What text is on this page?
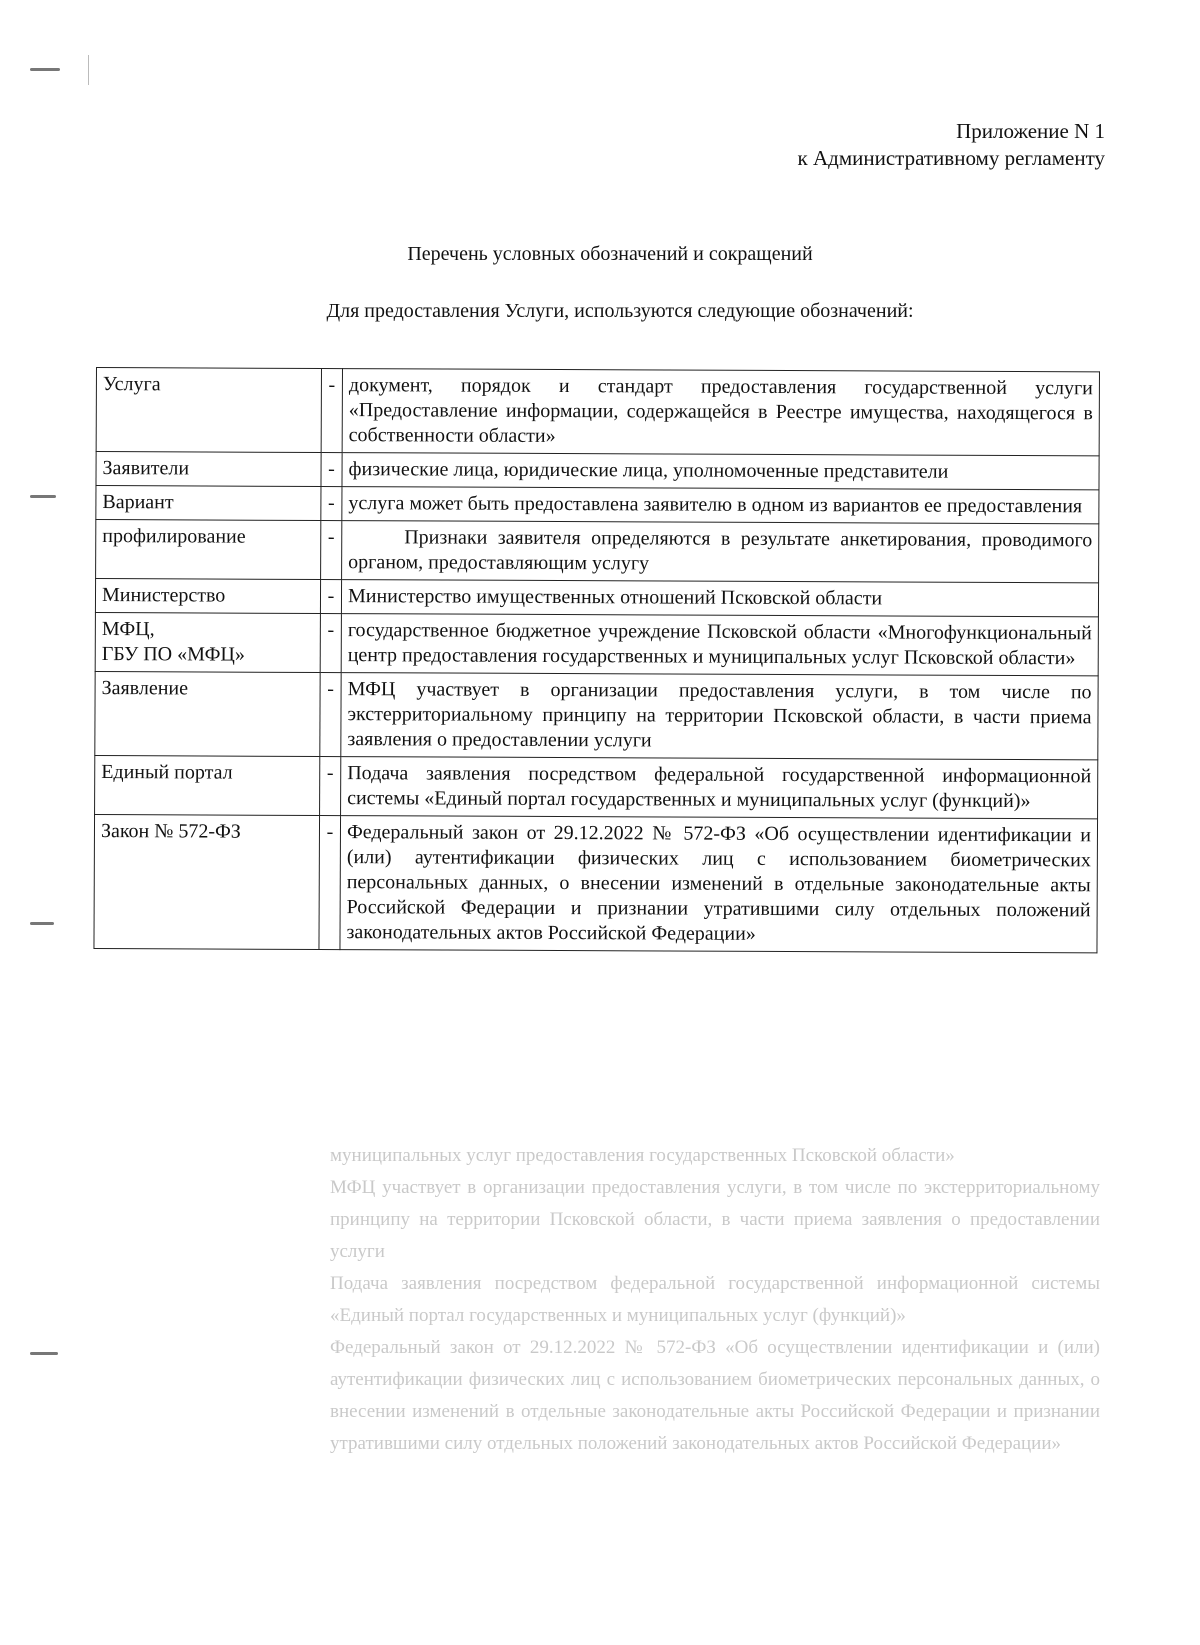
муниципальных услуг предоставления государственных Псковской области»

МФЦ участвует в организации предоставления услуги, в том числе по экстерриториальному принципу на территории Псковской области, в части приема заявления о предоставлении услуги

Подача заявления посредством федеральной государственной информационной системы «Единый портал государственных и муниципальных услуг (функций)»

Федеральный закон от 29.12.2022 № 572-ФЗ «Об осуществлении идентификации и (или) аутентификации физических лиц с использованием биометрических персональных данных, о внесении изменений в отдельные законодательные акты Российской Федерации и признании утратившими силу отдельных положений законодательных актов Российской Федерации»

Приложение N 1
к Административному регламенту
Перечень условных обозначений и сокращений
Для предоставления Услуги, используются следующие обозначений:
Услуга	-	документ, порядок и стандарт предоставления государственной услуги «Предоставление информации, содержащейся в Реестре имущества, находящегося в собственности области»
Заявители	-	физические лица, юридические лица, уполномоченные представители
Вариант	-	услуга может быть предоставлена заявителю в одном из вариантов ее предоставления
профилирование	-	Признаки заявителя определяются в результате анкетирования, проводимого органом, предоставляющим услугу
Министерство	-	Министерство имущественных отношений Псковской области

МФЦ,
ГБУ ПО «МФЦ»	-	государственное бюджетное учреждение Псковской области «Многофункциональный центр предоставления государственных и муниципальных услуг Псковской области»
Заявление	-	МФЦ участвует в организации предоставления услуги, в том числе по экстерриториальному принципу на территории Псковской области, в части приема заявления о предоставлении услуги
Единый портал	-	Подача заявления посредством федеральной государственной информационной системы «Единый портал государственных и муниципальных услуг (функций)»
Закон № 572-ФЗ	-	Федеральный закон от 29.12.2022 № 572-ФЗ «Об осуществлении идентификации и (или) аутентификации физических лиц с использованием биометрических персональных данных, о внесении изменений в отдельные законодательные акты Российской Федерации и признании утратившими силу отдельных положений законодательных актов Российской Федерации»
